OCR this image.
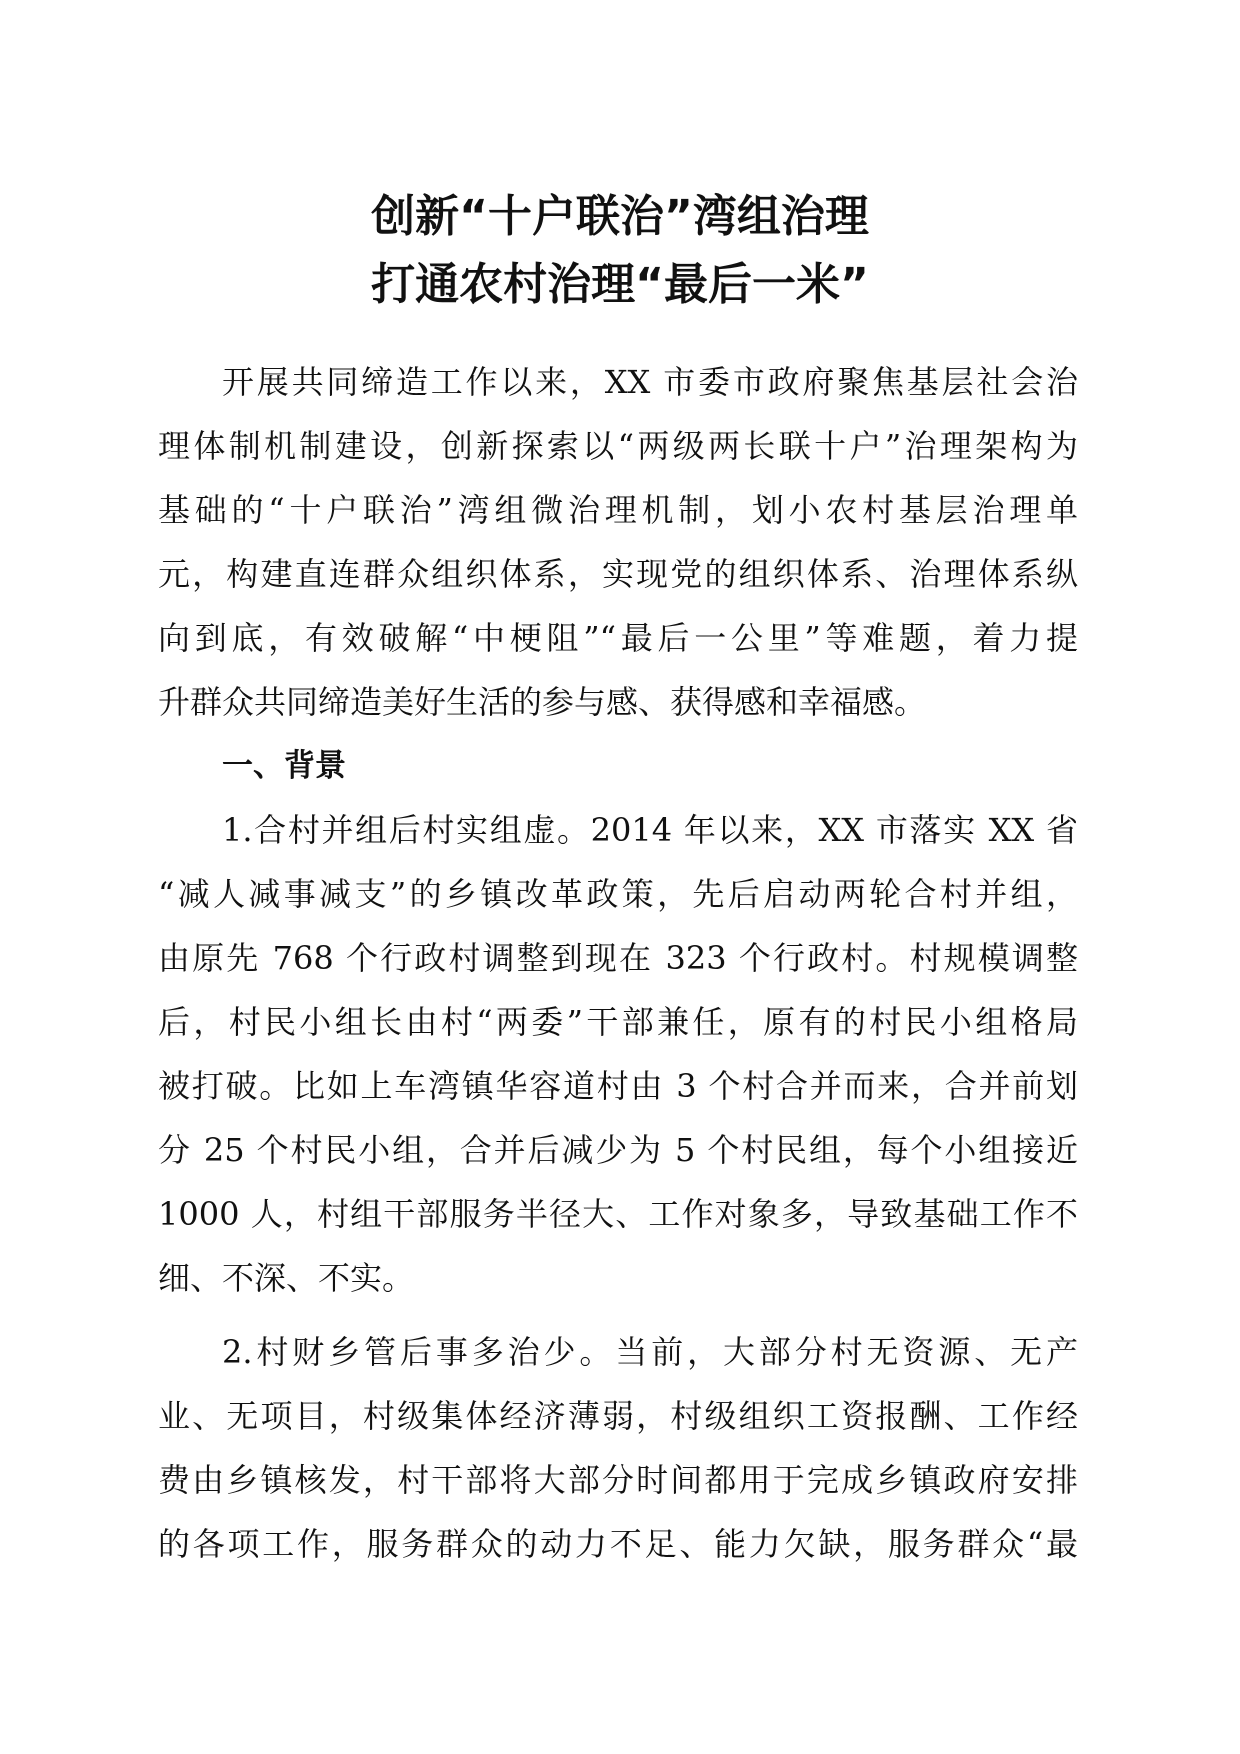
创新“十户联治”湾组治理
打通农村治理“最后一米”
开展共同缔造工作以来，XX 市委市政府聚焦基层社会治
理体制机制建设，创新探索以“两级两长联十户”治理架构为
基础的“十户联治”湾组微治理机制，划小农村基层治理单
元，构建直连群众组织体系，实现党的组织体系、治理体系纵
向到底，有效破解“中梗阻”“最后一公里”等难题，着力提
升群众共同缔造美好生活的参与感、获得感和幸福感。
一、背景
1.合村并组后村实组虚。2014 年以来，XX 市落实 XX 省
“减人减事减支”的乡镇改革政策，先后启动两轮合村并组，
由原先 768 个行政村调整到现在 323 个行政村。村规模调整
后，村民小组长由村“两委”干部兼任，原有的村民小组格局
被打破。比如上车湾镇华容道村由 3 个村合并而来，合并前划
分 25 个村民小组，合并后减少为 5 个村民组，每个小组接近
1000 人，村组干部服务半径大、工作对象多，导致基础工作不
细、不深、不实。
2.村财乡管后事多治少。当前，大部分村无资源、无产
业、无项目，村级集体经济薄弱，村级组织工资报酬、工作经
费由乡镇核发，村干部将大部分时间都用于完成乡镇政府安排
的各项工作，服务群众的动力不足、能力欠缺，服务群众“最
